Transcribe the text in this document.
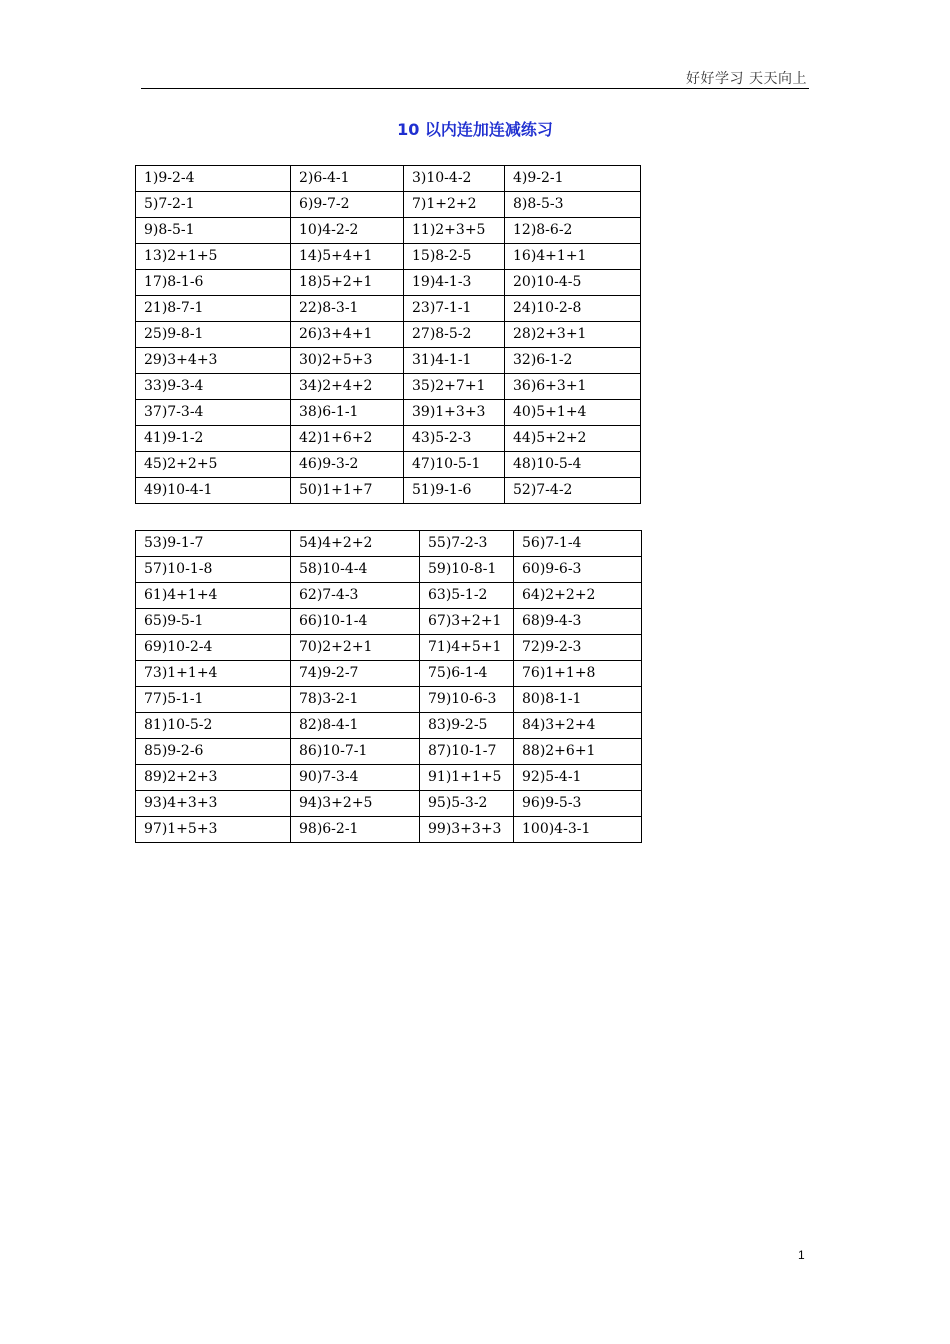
好好学习 天天向上
10 以内连加连减练习
1)9-2-4	2)6-4-1	3)10-4-2	4)9-2-1
5)7-2-1	6)9-7-2	7)1+2+2	8)8-5-3
9)8-5-1	10)4-2-2	11)2+3+5	12)8-6-2
13)2+1+5	14)5+4+1	15)8-2-5	16)4+1+1
17)8-1-6	18)5+2+1	19)4-1-3	20)10-4-5
21)8-7-1	22)8-3-1	23)7-1-1	24)10-2-8
25)9-8-1	26)3+4+1	27)8-5-2	28)2+3+1
29)3+4+3	30)2+5+3	31)4-1-1	32)6-1-2
33)9-3-4	34)2+4+2	35)2+7+1	36)6+3+1
37)7-3-4	38)6-1-1	39)1+3+3	40)5+1+4
41)9-1-2	42)1+6+2	43)5-2-3	44)5+2+2
45)2+2+5	46)9-3-2	47)10-5-1	48)10-5-4
49)10-4-1	50)1+1+7	51)9-1-6	52)7-4-2
53)9-1-7	54)4+2+2	55)7-2-3	56)7-1-4
57)10-1-8	58)10-4-4	59)10-8-1	60)9-6-3
61)4+1+4	62)7-4-3	63)5-1-2	64)2+2+2
65)9-5-1	66)10-1-4	67)3+2+1	68)9-4-3
69)10-2-4	70)2+2+1	71)4+5+1	72)9-2-3
73)1+1+4	74)9-2-7	75)6-1-4	76)1+1+8
77)5-1-1	78)3-2-1	79)10-6-3	80)8-1-1
81)10-5-2	82)8-4-1	83)9-2-5	84)3+2+4
85)9-2-6	86)10-7-1	87)10-1-7	88)2+6+1
89)2+2+3	90)7-3-4	91)1+1+5	92)5-4-1
93)4+3+3	94)3+2+5	95)5-3-2	96)9-5-3
97)1+5+3	98)6-2-1	99)3+3+3	100)4-3-1
1
